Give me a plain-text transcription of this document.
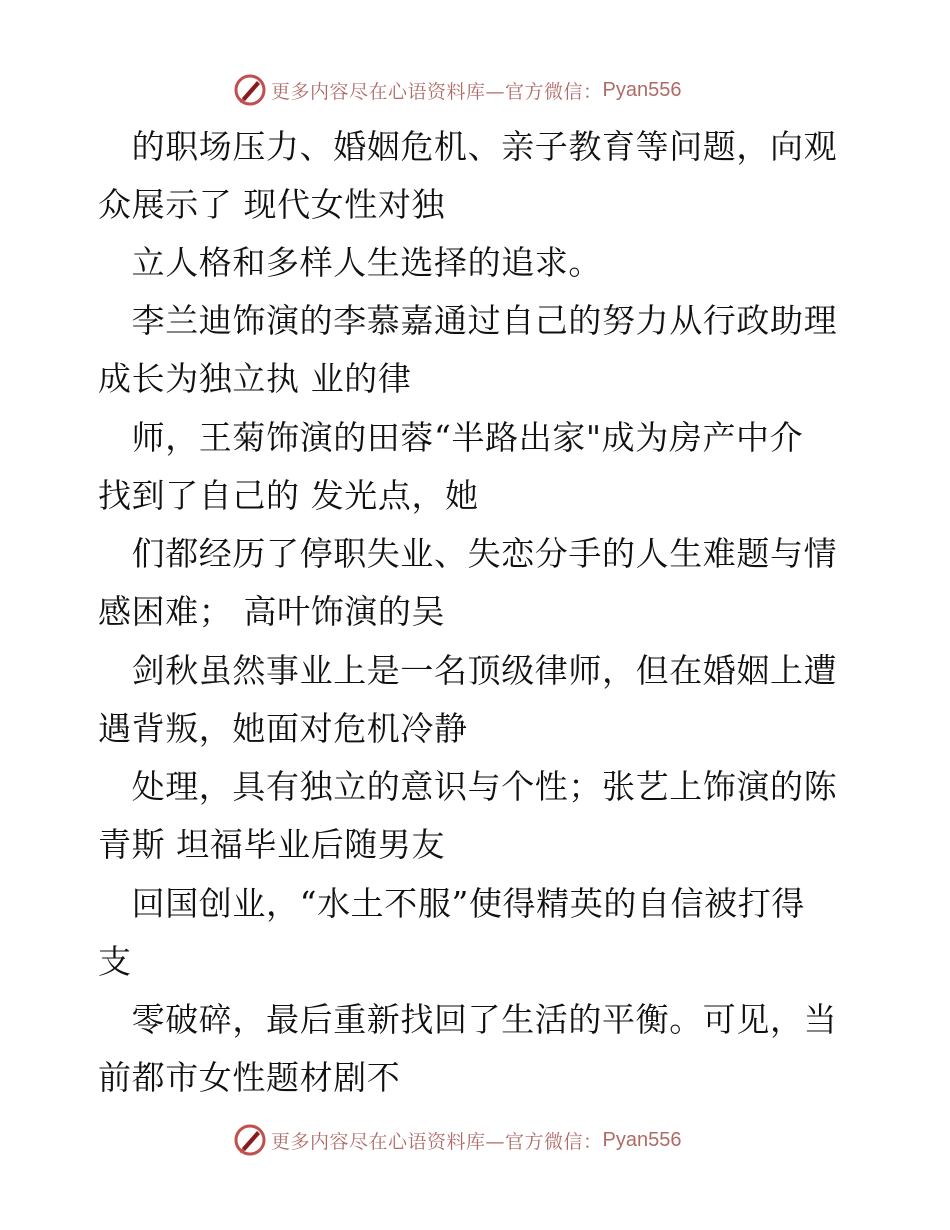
更多内容尽在心语资料库—官方微信： Pyan556
　的职场压力、婚姻危机、亲子教育等问题，向观
众展示了 现代女性对独
　立人格和多样人生选择的追求。
　李兰迪饰演的李慕嘉通过自己的努力从行政助理
成长为独立执 业的律
　师，王菊饰演的田蓉“半路出家"成为房产中介
找到了自己的 发光点，她
　们都经历了停职失业、失恋分手的人生难题与情
感困难； 高叶饰演的吴
　剑秋虽然事业上是一名顶级律师，但在婚姻上遭
遇背叛，她面对危机冷静
　处理，具有独立的意识与个性；张艺上饰演的陈
青斯 坦福毕业后随男友
　回国创业，“水土不服”使得精英的自信被打得
支
　零破碎，最后重新找回了生活的平衡。可见，当
前都市女性题材剧不
更多内容尽在心语资料库—官方微信： Pyan556
